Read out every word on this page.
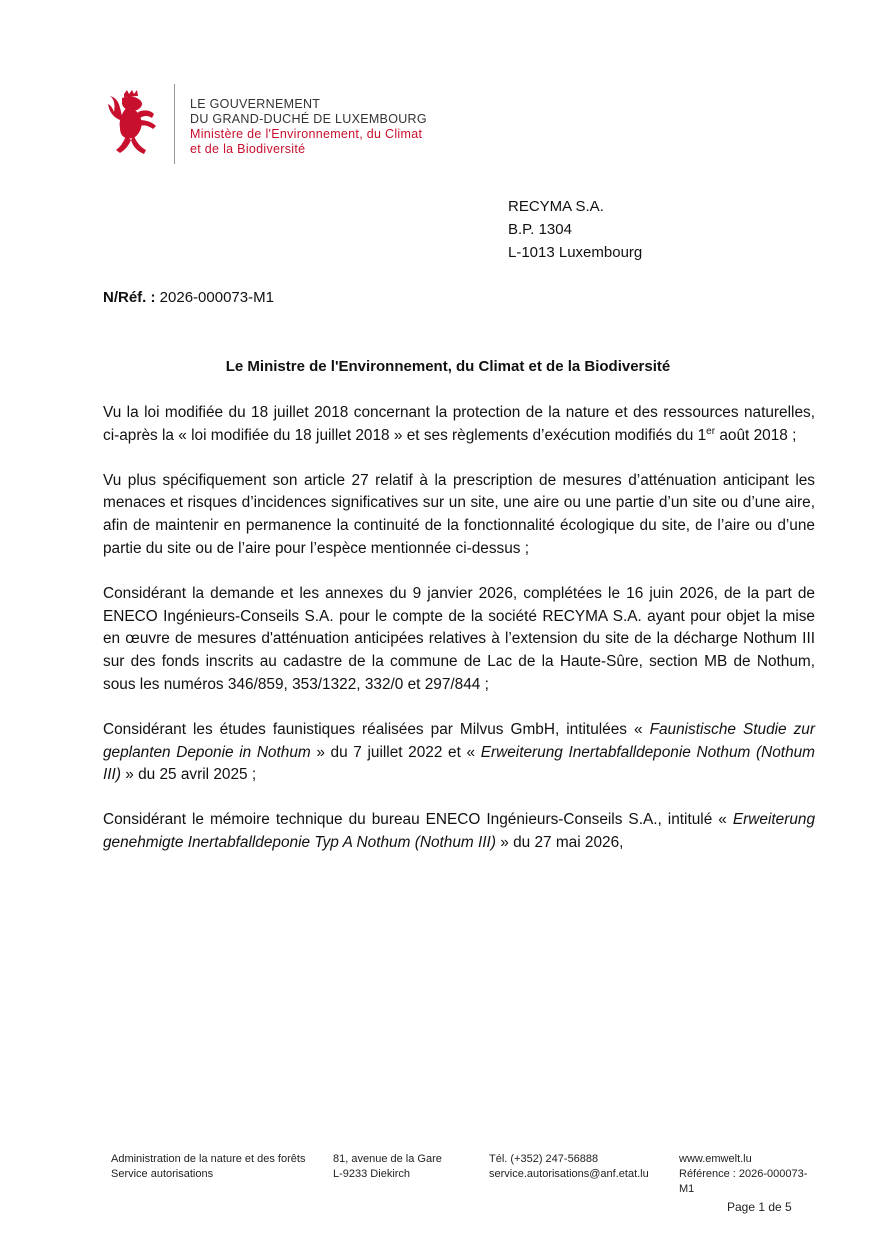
LE GOUVERNEMENT
DU GRAND-DUCHÉ DE LUXEMBOURG
Ministère de l'Environnement, du Climat
et de la Biodiversité
RECYMA S.A.
B.P. 1304
L-1013 Luxembourg
N/Réf. : 2026-000073-M1
Le Ministre de l'Environnement, du Climat et de la Biodiversité

Vu la loi modifiée du 18 juillet 2018 concernant la protection de la nature et des ressources naturelles, ci-après la « loi modifiée du 18 juillet 2018 » et ses règlements d’exécution modifiés du 1er août 2018 ;

Vu plus spécifiquement son article 27 relatif à la prescription de mesures d’atténuation anticipant les menaces et risques d’incidences significatives sur un site, une aire ou une partie d’un site ou d’une aire, afin de maintenir en permanence la continuité de la fonctionnalité écologique du site, de l’aire ou d’une partie du site ou de l’aire pour l’espèce mentionnée ci-dessus ;

Considérant la demande et les annexes du 9 janvier 2026, complétées le 16 juin 2026, de la part de ENECO Ingénieurs-Conseils S.A. pour le compte de la société RECYMA S.A. ayant pour objet la mise en œuvre de mesures d'atténuation anticipées relatives à l’extension du site de la décharge Nothum III sur des fonds inscrits au cadastre de la commune de Lac de la Haute-Sûre, section MB de Nothum, sous les numéros 346/859, 353/1322, 332/0 et 297/844 ;

Considérant les études faunistiques réalisées par Milvus GmbH, intitulées « Faunistische Studie zur geplanten Deponie in Nothum » du 7 juillet 2022 et « Erweiterung Inertabfalldeponie Nothum (Nothum III) » du 25 avril 2025 ;

Considérant le mémoire technique du bureau ENECO Ingénieurs-Conseils S.A., intitulé « Erweiterung genehmigte Inertabfalldeponie Typ A Nothum (Nothum III) » du 27 mai 2026,

Administration de la nature et des forêts
Service autorisations
81, avenue de la Gare
L-9233 Diekirch
Tél. (+352) 247-56888
service.autorisations@anf.etat.lu
www.emwelt.lu
Référence : 2026-000073-M1
Page 1 de 5
